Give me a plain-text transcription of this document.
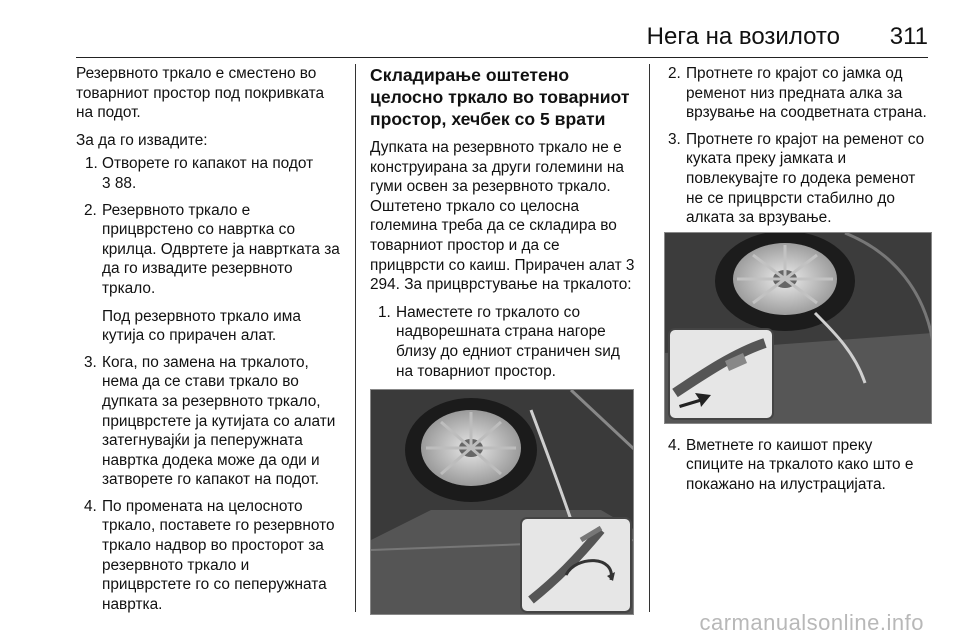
Нега на возилото 311

Резервното тркало е сместено во товарниот простор под покривката на подот.

За да го извадите:

1. Отворете го капакот на подот
3 88.
2. Резервното тркало е прицврстено со навртка со крилца. Одвртете ја навртката за да го извадите резервното тркало.
Под резервното тркало има кутија со прирачен алат.
3. Кога, по замена на тркалото, нема да се стави тркало во дупката за резервното тркало, прицврстете ја кутијата со алати затегнувајќи ја пеперужната навртка додека може да оди и затворете го капакот на подот.
4. По промената на целосното тркало, поставете го резервното тркало надвор во просторот за резервното тркало и прицврстете го со пеперужната навртка.
Складирање оштетено целосно тркало во товарниот простор, хечбек со 5 врати

Дупката на резервното тркало не е конструирана за други големини на гуми освен за резервното тркало. Оштетено тркало со целосна големина треба да се складира во товарниот простор и да се прицврсти со каиш. Прирачен алат 3 294. За прицврстување на тркалото:

1. Наместете го тркалото со надворешната страна нагоре близу до едниот страничен sид на товарниот простор.
2. Протнете го крајот со јамка од ременот низ предната алка за врзување на соодветната страна.
3. Протнете го крајот на ременот со куката преку јамката и повлекувајте го додека ременот не се прицврсти стабилно до алката за врзување.
4. Вметнете го каишот преку спиците на тркалото како што е покажано на илустрацијата.
carmanualsonline.info
